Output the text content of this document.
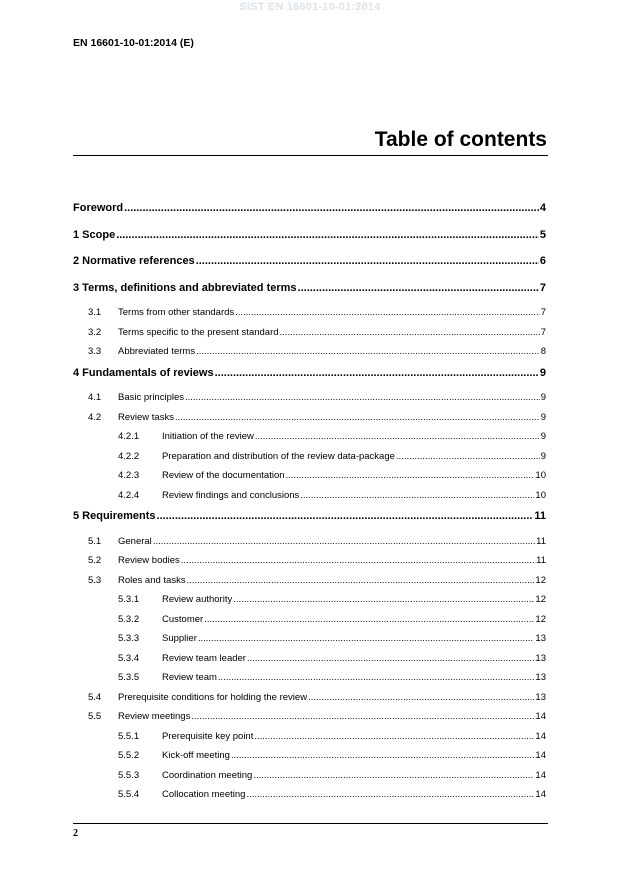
SIST EN 16601-10-01:2014
EN 16601-10-01:2014 (E)
Table of contents
Foreword .....	4
1 Scope .....	5
2 Normative references .....	6
3 Terms, definitions and abbreviated terms .....	7
3.1	Terms from other standards .....	7
3.2	Terms specific to the present standard .....	7
3.3	Abbreviated terms .....	8
4 Fundamentals of reviews .....	9
4.1	Basic principles .....	9
4.2	Review tasks .....	9
4.2.1	Initiation of the review .....	9
4.2.2	Preparation and distribution of the review data-package .....	9
4.2.3	Review of the documentation .....	10
4.2.4	Review findings and conclusions .....	10
5 Requirements .....	11
5.1	General .....	11
5.2	Review bodies .....	11
5.3	Roles and tasks .....	12
5.3.1	Review authority .....	12
5.3.2	Customer .....	12
5.3.3	Supplier .....	13
5.3.4	Review team leader .....	13
5.3.5	Review team .....	13
5.4	Prerequisite conditions for holding the review .....	13
5.5	Review meetings .....	14
5.5.1	Prerequisite key point .....	14
5.5.2	Kick-off meeting .....	14
5.5.3	Coordination meeting .....	14
5.5.4	Collocation meeting .....	14
2
